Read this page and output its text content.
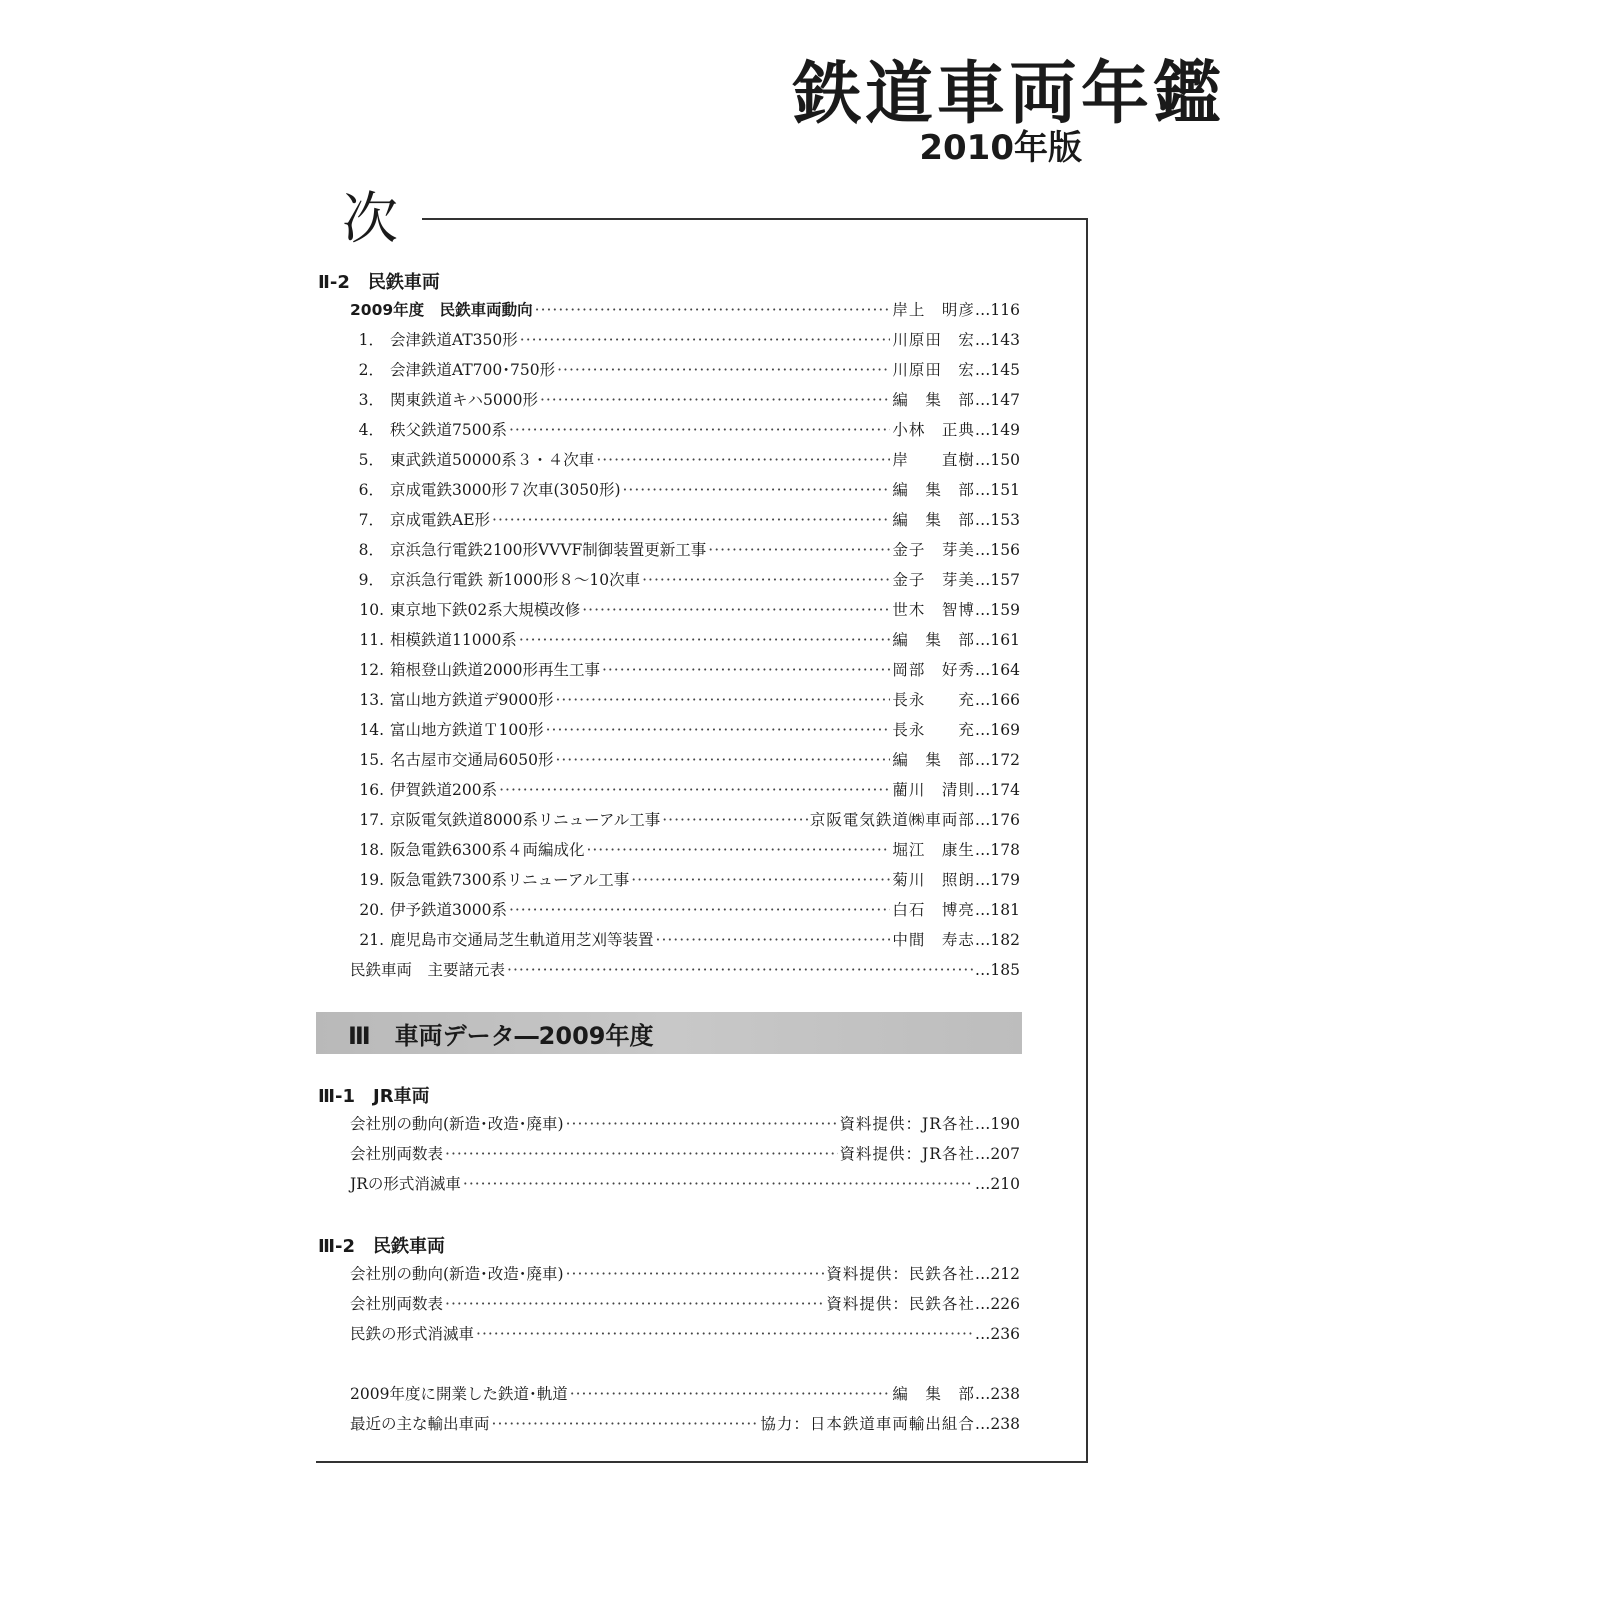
鉄道車両年鑑
2010年版
次
Ⅱ-2　民鉄車両
2009年度　民鉄車両動向 ·····	岸上　明彦	… 116
1． 会津鉄道AT350形 ·····	川原田　宏	… 143
2． 会津鉄道AT700･750形 ·····	川原田　宏	… 145
3． 関東鉄道キハ5000形 ·····	編　集　部	… 147
4． 秩父鉄道7500系 ·····	小林　正典	… 149
5． 東武鉄道50000系３・４次車 ·····	岸　　直樹	… 150
6． 京成電鉄3000形７次車(3050形) ·····	編　集　部	… 151
7． 京成電鉄AE形 ·····	編　集　部	… 153
8． 京浜急行電鉄2100形VVVF制御装置更新工事 ·····	金子　芽美	… 156
9． 京浜急行電鉄 新1000形８～10次車 ·····	金子　芽美	… 157
10. 東京地下鉄02系大規模改修 ·····	世木　智博	… 159
11. 相模鉄道11000系 ·····	編　集　部	… 161
12. 箱根登山鉄道2000形再生工事 ·····	岡部　好秀	… 164
13. 富山地方鉄道デ9000形 ·····	長永　　充	… 166
14. 富山地方鉄道Ｔ100形 ·····	長永　　充	… 169
15. 名古屋市交通局6050形 ·····	編　集　部	… 172
16. 伊賀鉄道200系 ·····	藺川　清則	… 174
17. 京阪電気鉄道8000系リニューアル工事 ·····	京阪電気鉄道㈱車両部	… 176
18. 阪急電鉄6300系４両編成化 ·····	堀江　康生	… 178
19. 阪急電鉄7300系リニューアル工事 ·····	菊川　照朗	… 179
20. 伊予鉄道3000系 ·····	白石　博亮	… 181
21. 鹿児島市交通局芝生軌道用芝刈等装置 ·····	中間　寿志	… 182
民鉄車両　主要諸元表 ·····	… 185
Ⅲ　車両データ―2009年度
Ⅲ-1　JR車両
会社別の動向(新造･改造･廃車) ·····	資料提供：JR各社	… 190
会社別両数表 ·····	資料提供：JR各社	… 207
JRの形式消滅車 ·····	… 210
Ⅲ-2　民鉄車両
会社別の動向(新造･改造･廃車) ·····	資料提供：民鉄各社	… 212
会社別両数表 ·····	資料提供：民鉄各社	… 226
民鉄の形式消滅車 ·····	… 236
2009年度に開業した鉄道･軌道 ·····	編　集　部	… 238
最近の主な輸出車両 ·····	協力：日本鉄道車両輸出組合	… 238
